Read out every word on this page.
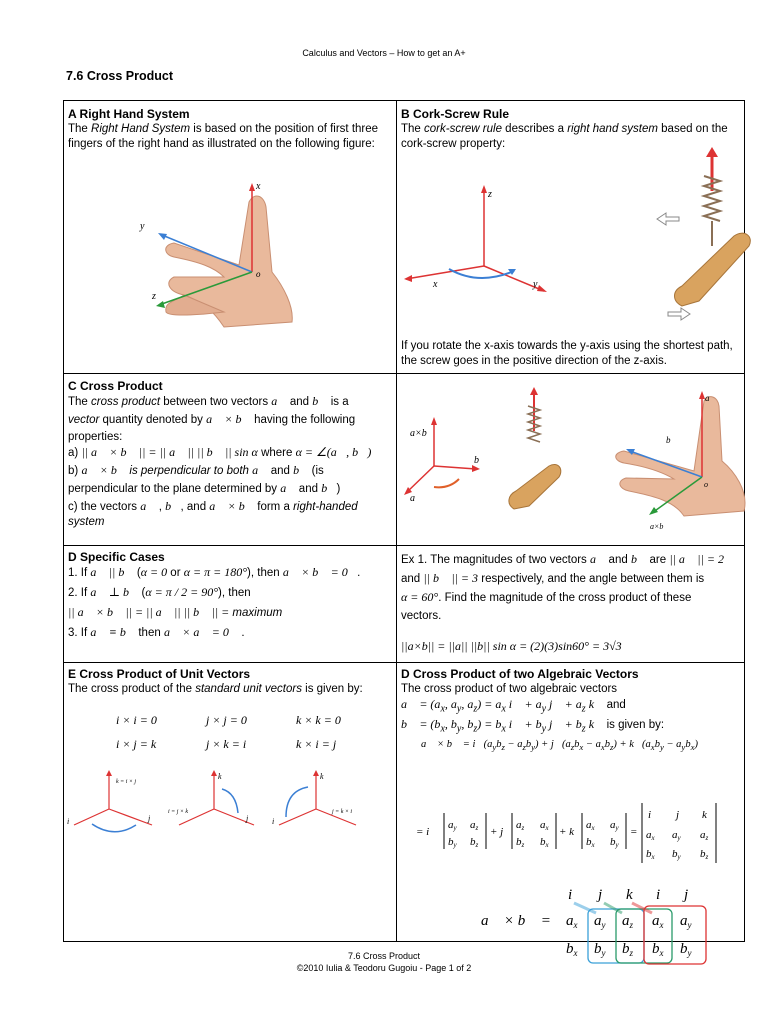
Calculus and Vectors – How to get an A+
7.6 Cross Product
A Right Hand System
The Right Hand System is based on the position of first three fingers of the right hand as illustrated on the following figure:
x
y
z
o
B Cork-Screw Rule
The cork-screw rule describes a right hand system based on the cork-screw property:
z
x	y
If you rotate the x-axis towards the y-axis using the shortest path, the screw goes in the positive direction of the z-axis.
C Cross Product
The cross product between two vectors a⃗ and b⃗ is a
vector quantity denoted by a⃗ × b⃗ having the following
properties:
a) || a⃗ × b⃗ || = || a⃗ || || b⃗ || sin α where α = ∠(a⃗, b⃗)
b) a⃗ × b⃗ is perpendicular to both a⃗ and b⃗ (is
perpendicular to the plane determined by a⃗ and b⃗)
c) the vectors a⃗ , b⃗, and a⃗ × b⃗ form a right-handed system
a×b
b
a
a
b
o
a×b
D Specific Cases
1. If a⃗ || b⃗ (α = 0 or α = π = 180°), then a⃗ × b⃗ = 0⃗.
2. If a⃗ ⊥ b⃗ (α = π / 2 = 90°), then
|| a⃗ × b⃗ || = || a⃗ || || b⃗ || = maximum
3. If a⃗ ≡ b⃗ then a⃗ × a⃗ = 0⃗ .
Ex 1. The magnitudes of two vectors a⃗ and b⃗ are || a⃗ || = 2
and || b⃗ || = 3 respectively, and the angle between them is
α = 60°. Find the magnitude of the cross product of these
vectors.
||a×b|| = ||a|| ||b|| sin α = (2)(3)sin60° = 3√3
E Cross Product of Unit Vectors
The cross product of the standard unit vectors is given by:
i × i = 0	j × j = 0	k × k = 0
i × j = k	j × k = i	k × i = j
k = i × j
i	j
k
i = j × k
j
k
j = k × i
i
D Cross Product of two Algebraic Vectors
The cross product of two algebraic vectors
a⃗ = ($a_x$, $a_y$, $a_z) = a_x$ i⃗ + $a_y$ j⃗ + $a_z$ k⃗ and
b⃗ = ($b_x$, $b_y$, $b_z) = b_x$ i⃗ + $b_y$ j⃗ + $b_z$ k⃗ is given by:
a⃗ × b⃗ = $i⃗(a_yb_z - a_zb_y)$ + $j⃗(a_zb_x - a_xb_z)$ + $k⃗(a_xb_y - a_yb_x)$
= i⃗
ay az
by bz
+ j⃗
az ax
bz bx
+ k⃗
ax ay
bx by
=
i⃗ j⃗ k⃗
ax ay az
bx by bz
i⃗ j⃗ k⃗ i⃗ j⃗
a⃗ × b⃗ = $a_x$ $a_y$ $a_z$ $a_x$ $a_y$
$b_x$ $b_y$ $b_z$ $b_x$ $b_y$
7.6 Cross Product
©2010 Iulia & Teodoru Gugoiu - Page 1 of 2
